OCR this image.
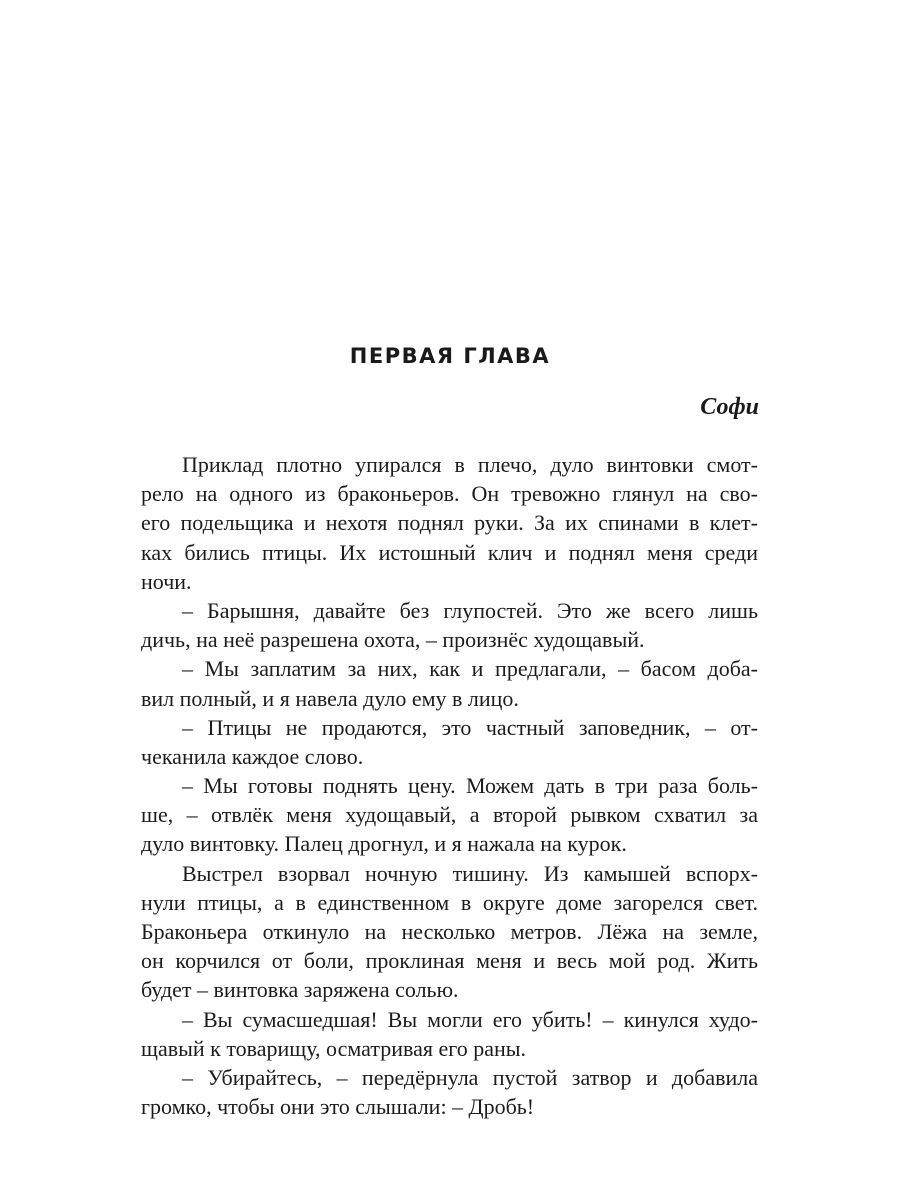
ПЕРВАЯ ГЛАВА
Софи
Приклад плотно упирался в плечо, дуло винтовки смот-
рело на одного из браконьеров. Он тревожно глянул на сво-
его подельщика и нехотя поднял руки. За их спинами в клет-
ках бились птицы. Их истошный клич и поднял меня среди
ночи.
– Барышня, давайте без глупостей. Это же всего лишь
дичь, на неё разрешена охота, – произнёс худощавый.
– Мы заплатим за них, как и предлагали, – басом доба-
вил полный, и я навела дуло ему в лицо.
– Птицы не продаются, это частный заповедник, – от-
чеканила каждое слово.
– Мы готовы поднять цену. Можем дать в три раза боль-
ше, – отвлёк меня худощавый, а второй рывком схватил за
дуло винтовку. Палец дрогнул, и я нажала на курок.
Выстрел взорвал ночную тишину. Из камышей вспорх-
нули птицы, а в единственном в округе доме загорелся свет.
Браконьера откинуло на несколько метров. Лёжа на земле,
он корчился от боли, проклиная меня и весь мой род. Жить
будет – винтовка заряжена солью.
– Вы сумасшедшая! Вы могли его убить! – кинулся худо-
щавый к товарищу, осматривая его раны.
– Убирайтесь, – передёрнула пустой затвор и добавила
громко, чтобы они это слышали: – Дробь!
